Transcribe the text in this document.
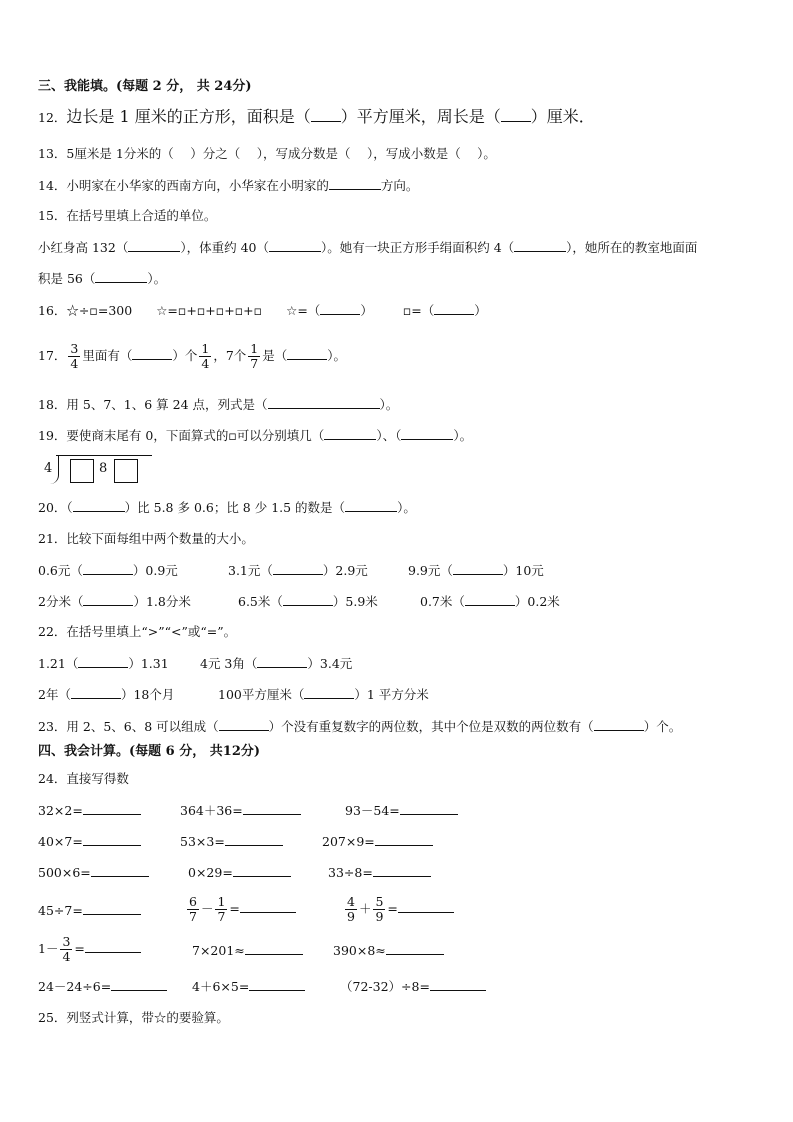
三、我能填。(每题 2 分， 共 24分)
12．边长是 1 厘米的正方形，面积是（ ）平方厘米，周长是（ ）厘米．
13．5厘米是 1分米的（　 ）分之（　 ），写成分数是（　 ），写成小数是（　 ）。
14．小明家在小华家的西南方向，小华家在小明家的	方向。
15．在括号里填上合适的单位。
小红身高 132（	），体重约 40（	）。她有一块正方形手绢面积约 4（	），她所在的教室地面面
积是 56（	）。
16．☆÷▫=300 ☆=▫+▫+▫+▫+▫ ☆=（	） ▫=（	）
17． $\frac{3}{4}$ 里面有（	）个 $\frac{1}{4}$ ，7个 $\frac{1}{7}$ 是（	）。
18．用 5、7、1、6 算 24 点，列式是（	）。
19．要使商末尾有 0，下面算式的▫可以分别填几（	）、（	）。
4	8
20．（	）比 5.8 多 0.6；比 8 少 1.5 的数是（	）。
21．比较下面每组中两个数量的大小。
0.6元（	）0.9元	3.1元（	）2.9元	9.9元（	）10元
2分米（	）1.8分米	6.5米（	）5.9米	0.7米（	）0.2米
22．在括号里填上“>”“<”或“=”。
1.21（	）1.31	4元 3角（	）3.4元
2年（	）18个月	100平方厘米（	）1 平方分米
23．用 2、5、6、8 可以组成（	）个没有重复数字的两位数，其中个位是双数的两位数有（	）个。
四、我会计算。(每题 6 分， 共12分)
24．直接写得数
32×2=	364＋36=	93－54=
40×7=	53×3=	207×9=
500×6=	0×29=	33÷8=
45÷7=	$\frac{6}{7} - \frac{1}{7}$ =	$\frac{4}{9} + \frac{5}{9}$ =
$1- \frac{3}{4}$ =	7×201≈	390×8≈
24－24÷6=	4＋6×5=	（72-32）÷8=
25．列竖式计算，带☆的要验算。
